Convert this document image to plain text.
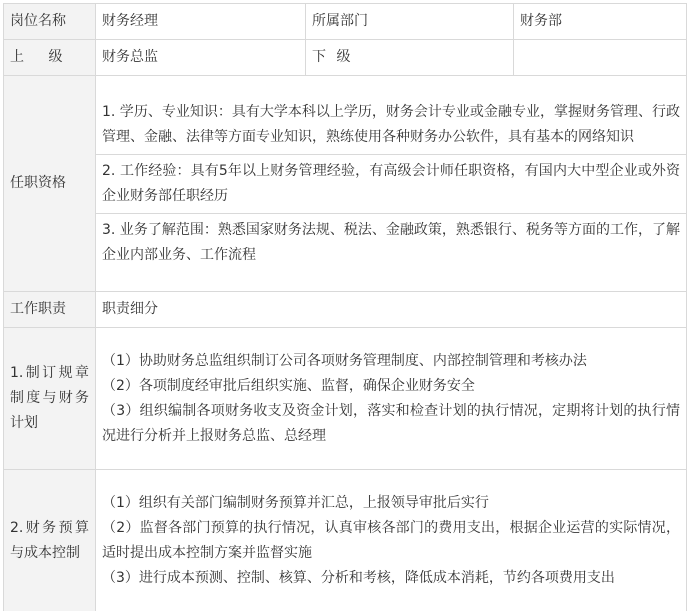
岗位名称	财务经理	所属部门	财务部
上 级	财务总监	下 级	
任职资格	1. 学历、专业知识：具有大学本科以上学历，财务会计专业或金融专业，掌握财务管理、行政管理、金融、法律等方面专业知识，熟练使用各种财务办公软件，具有基本的网络知识
2. 工作经验：具有5年以上财务管理经验，有高级会计师任职资格，有国内大中型企业或外资企业财务部任职经历
3. 业务了解范围：熟悉国家财务法规、税法、金融政策，熟悉银行、税务等方面的工作，了解企业内部业务、工作流程		

工作职责	职责细分		
1.制订规章制度与财务计划	（1）协助财务总监组织制订公司各项财务管理制度、内部控制管理和考核办法
（2）各项制度经审批后组织实施、监督，确保企业财务安全
（3）组织编制各项财务收支及资金计划，落实和检查计划的执行情况，定期将计划的执行情况进行分析并上报财务总监、总经理		

2.财务预算与成本控制	（1）组织有关部门编制财务预算并汇总，上报领导审批后实行
（2）监督各部门预算的执行情况，认真审核各部门的费用支出，根据企业运营的实际情况，适时提出成本控制方案并监督实施
（3）进行成本预测、控制、核算、分析和考核，降低成本消耗，节约各项费用支出		
